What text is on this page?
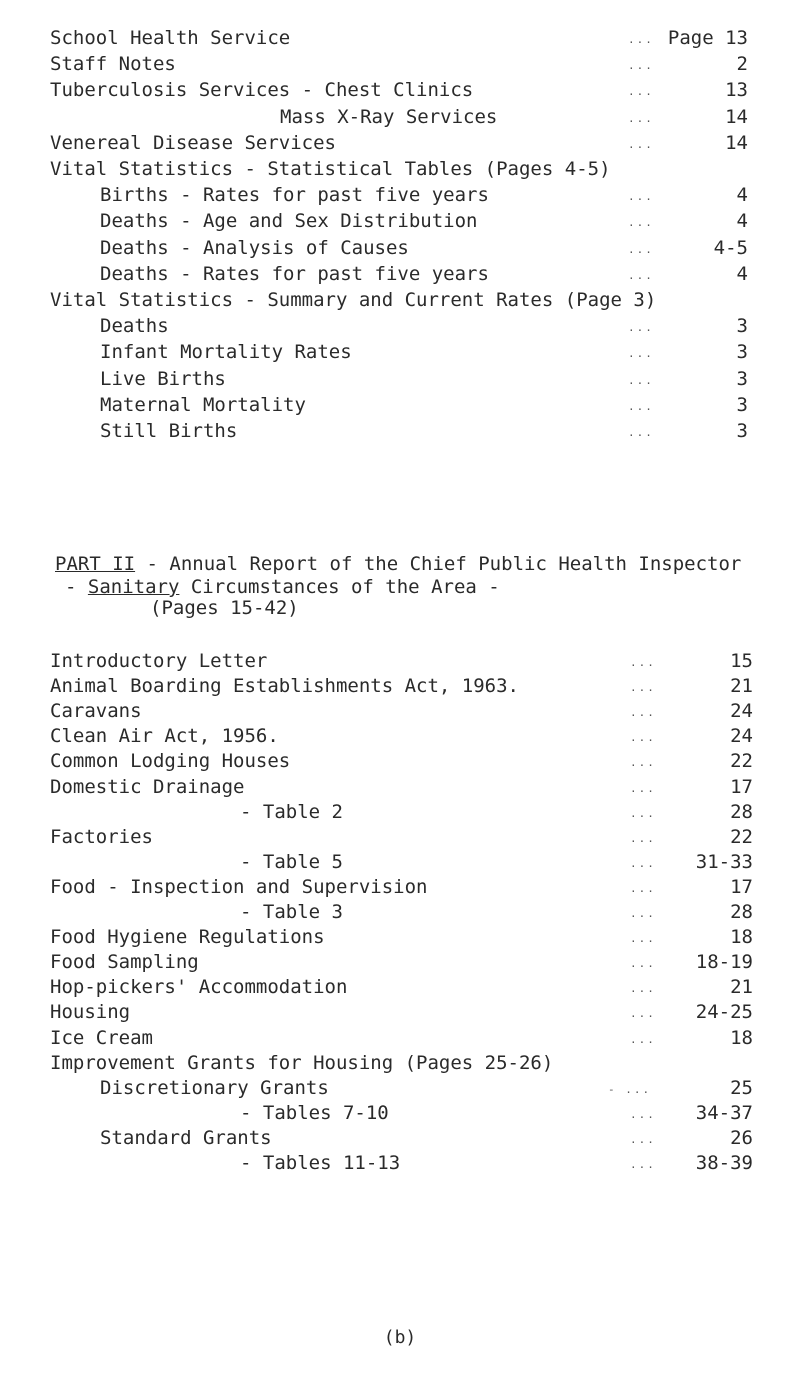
School Health Service	... Page 13
Staff Notes	...	2
Tuberculosis Services - Chest Clinics	...	13
Mass X-Ray Services	...	14
Venereal Disease Services	...	14
Vital Statistics - Statistical Tables (Pages 4-5)
Births - Rates for past five years	...	4
Deaths - Age and Sex Distribution	...	4
Deaths - Analysis of Causes	...	4-5
Deaths - Rates for past five years	...	4
Vital Statistics - Summary and Current Rates (Page 3)
Deaths	...	3
Infant Mortality Rates	...	3
Live Births	...	3
Maternal Mortality	...	3
Still Births	...	3
PART II - Annual Report of the Chief Public Health Inspector
- Sanitary Circumstances of the Area -
(Pages 15-42)
Introductory Letter	...	15
Animal Boarding Establishments Act, 1963.	...	21
Caravans	...	24
Clean Air Act, 1956.	...	24
Common Lodging Houses	...	22
Domestic Drainage	...	17
- Table 2	...	28
Factories	...	22
- Table 5	...	31-33
Food - Inspection and Supervision	...	17
- Table 3	...	28
Food Hygiene Regulations	...	18
Food Sampling	...	18-19
Hop-pickers' Accommodation	...	21
Housing	...	24-25
Ice Cream	...	18
Improvement Grants for Housing (Pages 25-26)
Discretionary Grants	- ...	25
- Tables 7-10	...	34-37
Standard Grants	...	26
- Tables 11-13	...	38-39
(b)
